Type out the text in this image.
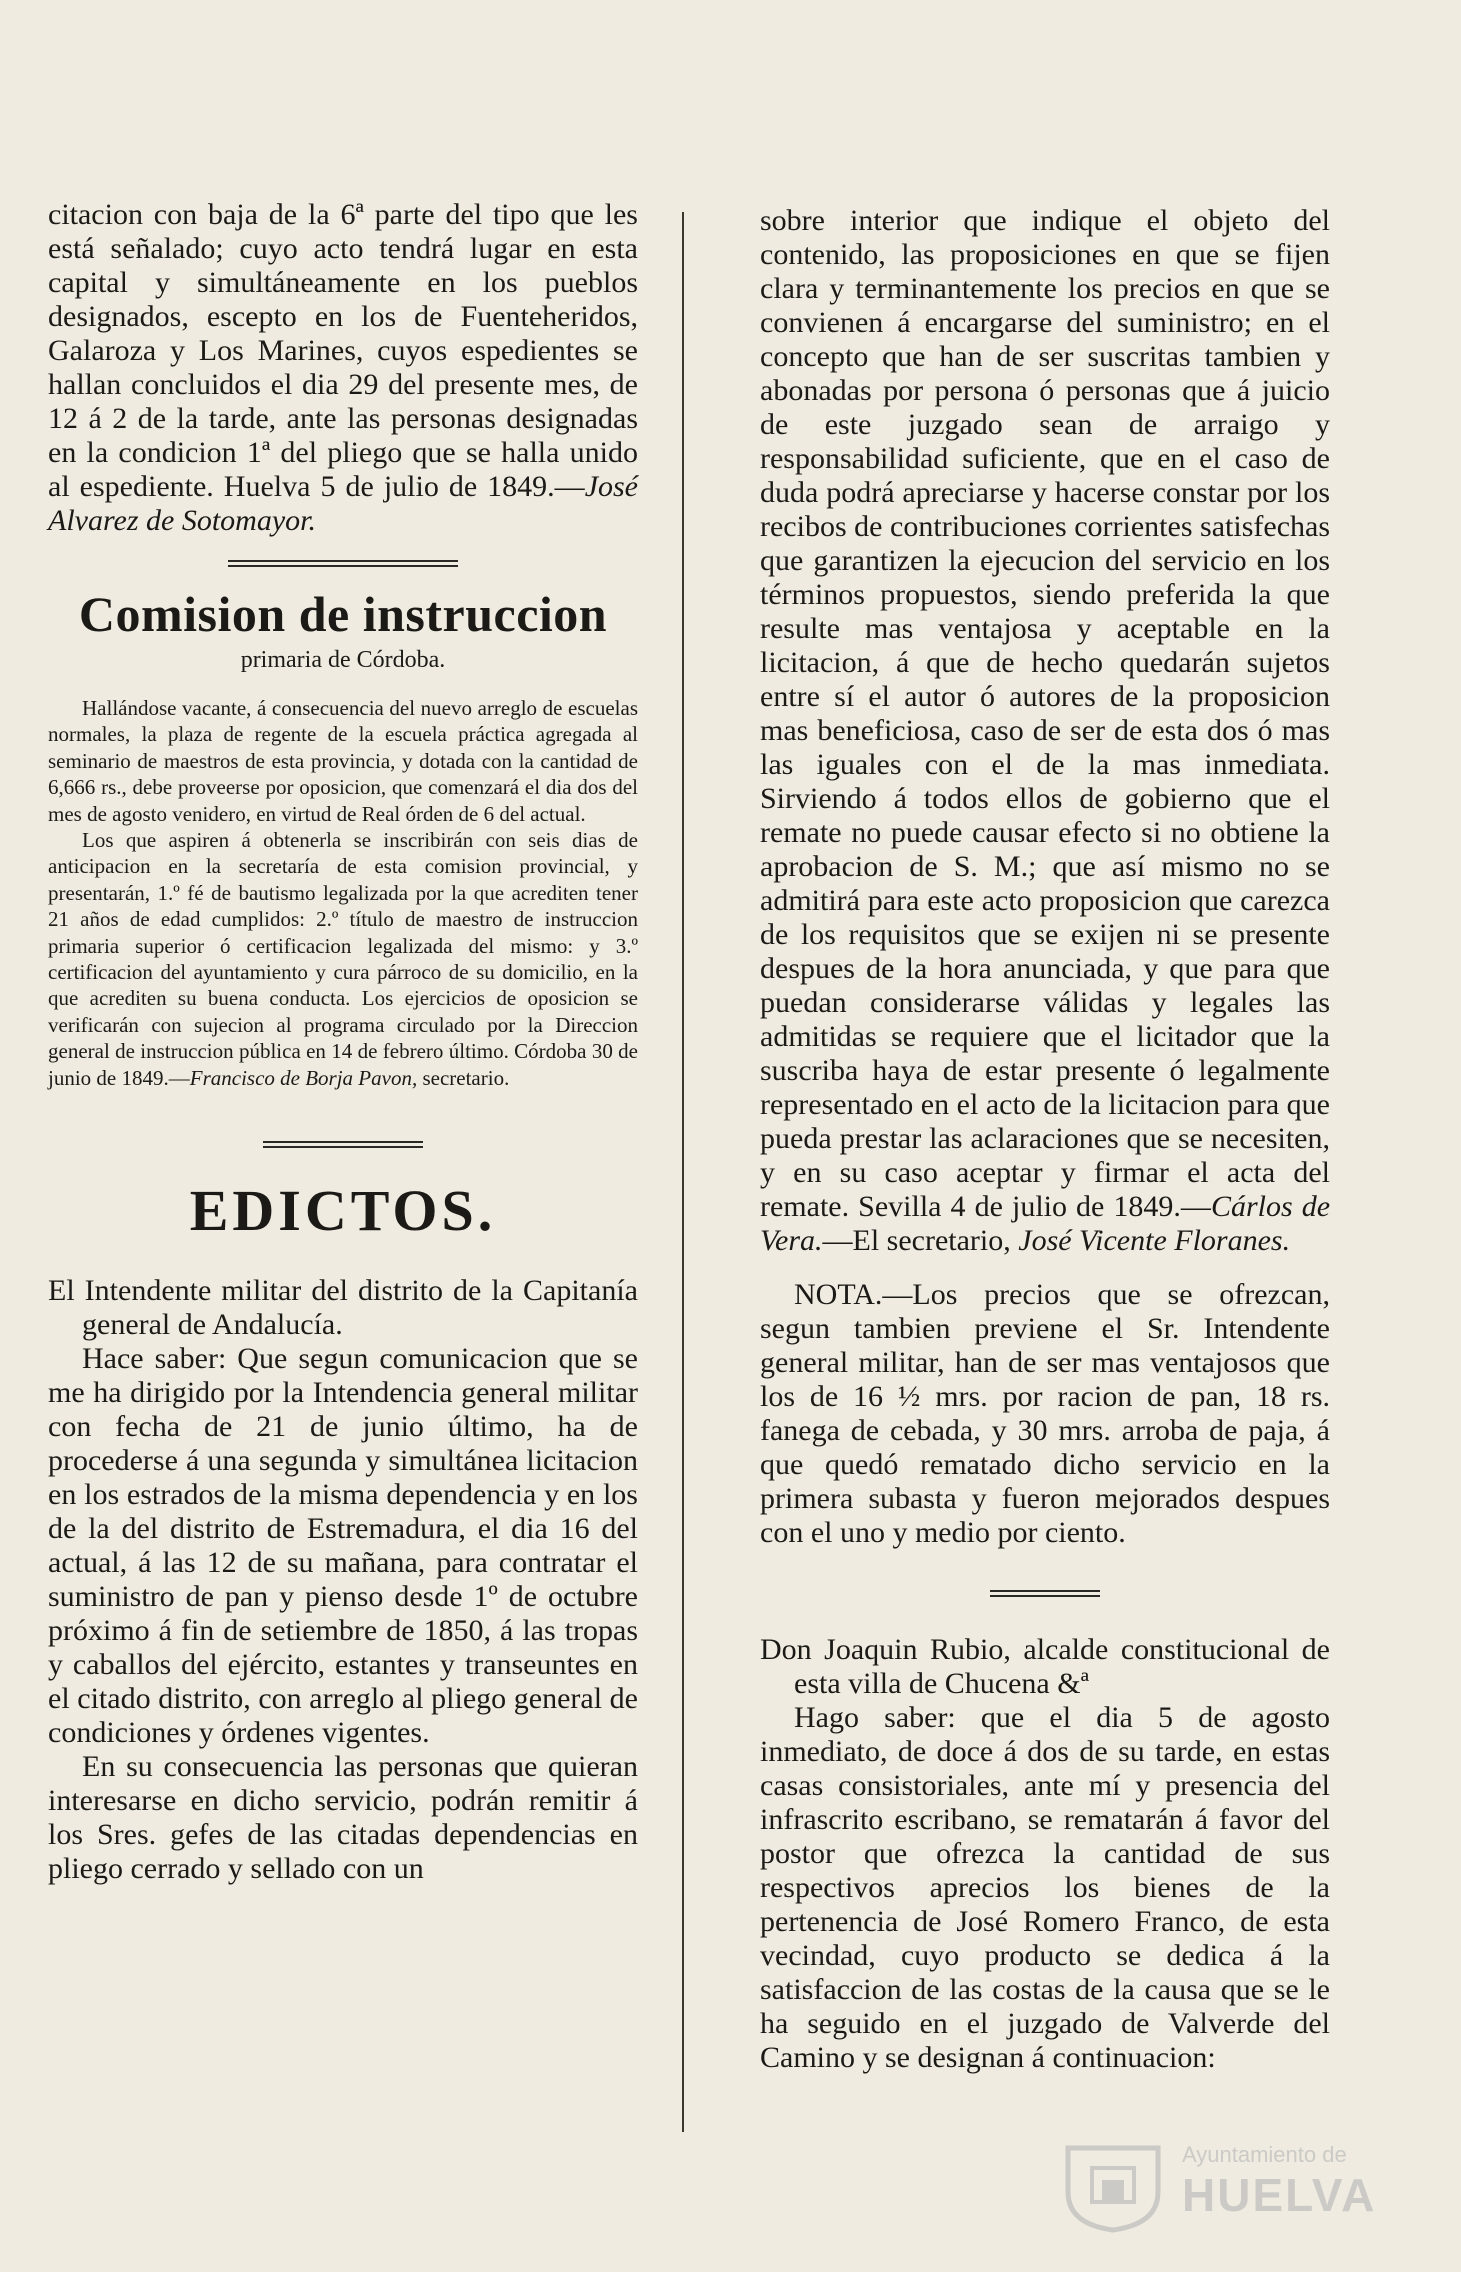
citacion con baja de la 6ª parte del tipo que les está señalado; cuyo acto tendrá lugar en esta capital y simultáneamente en los pueblos designados, escepto en los de Fuenteheridos, Galaroza y Los Marines, cuyos espedientes se hallan concluidos el dia 29 del presente mes, de 12 á 2 de la tarde, ante las personas designadas en la condicion 1ª del pliego que se halla unido al espediente. Huelva 5 de julio de 1849.—José Alvarez de Sotomayor.

Comision de instruccion

primaria de Córdoba.

Hallándose vacante, á consecuencia del nuevo arreglo de escuelas normales, la plaza de regente de la escuela práctica agregada al seminario de maestros de esta provincia, y dotada con la cantidad de 6,666 rs., debe proveerse por oposicion, que comenzará el dia dos del mes de agosto venidero, en virtud de Real órden de 6 del actual.

Los que aspiren á obtenerla se inscribirán con seis dias de anticipacion en la secretaría de esta comision provincial, y presentarán, 1.º fé de bautismo legalizada por la que acrediten tener 21 años de edad cumplidos: 2.º título de maestro de instruccion primaria superior ó certificacion legalizada del mismo: y 3.º certificacion del ayuntamiento y cura párroco de su domicilio, en la que acrediten su buena conducta. Los ejercicios de oposicion se verificarán con sujecion al programa circulado por la Direccion general de instruccion pública en 14 de febrero último. Córdoba 30 de junio de 1849.—Francisco de Borja Pavon, secretario.

EDICTOS.

El Intendente militar del distrito de la Capitanía general de Andalucía.

Hace saber: Que segun comunicacion que se me ha dirigido por la Intendencia general militar con fecha de 21 de junio último, ha de procederse á una segunda y simultánea licitacion en los estrados de la misma dependencia y en los de la del distrito de Estremadura, el dia 16 del actual, á las 12 de su mañana, para contratar el suministro de pan y pienso desde 1º de octubre próximo á fin de setiembre de 1850, á las tropas y caballos del ejército, estantes y transeuntes en el citado distrito, con arreglo al pliego general de condiciones y órdenes vigentes.

En su consecuencia las personas que quieran interesarse en dicho servicio, podrán remitir á los Sres. gefes de las citadas dependencias en pliego cerrado y sellado con un

sobre interior que indique el objeto del contenido, las proposiciones en que se fijen clara y terminantemente los precios en que se convienen á encargarse del suministro; en el concepto que han de ser suscritas tambien y abonadas por persona ó personas que á juicio de este juzgado sean de arraigo y responsabilidad suficiente, que en el caso de duda podrá apreciarse y hacerse constar por los recibos de contribuciones corrientes satisfechas que garantizen la ejecucion del servicio en los términos propuestos, siendo preferida la que resulte mas ventajosa y aceptable en la licitacion, á que de hecho quedarán sujetos entre sí el autor ó autores de la proposicion mas beneficiosa, caso de ser de esta dos ó mas las iguales con el de la mas inmediata. Sirviendo á todos ellos de gobierno que el remate no puede causar efecto si no obtiene la aprobacion de S. M.; que así mismo no se admitirá para este acto proposicion que carezca de los requisitos que se exijen ni se presente despues de la hora anunciada, y que para que puedan considerarse válidas y legales las admitidas se requiere que el licitador que la suscriba haya de estar presente ó legalmente representado en el acto de la licitacion para que pueda prestar las aclaraciones que se necesiten, y en su caso aceptar y firmar el acta del remate. Sevilla 4 de julio de 1849.—Cárlos de Vera.—El secretario, José Vicente Floranes.

NOTA.—Los precios que se ofrezcan, segun tambien previene el Sr. Intendente general militar, han de ser mas ventajosos que los de 16 ½ mrs. por racion de pan, 18 rs. fanega de cebada, y 30 mrs. arroba de paja, á que quedó rematado dicho servicio en la primera subasta y fueron mejorados despues con el uno y medio por ciento.

Don Joaquin Rubio, alcalde constitucional de esta villa de Chucena &ª

Hago saber: que el dia 5 de agosto inmediato, de doce á dos de su tarde, en estas casas consistoriales, ante mí y presencia del infrascrito escribano, se rematarán á favor del postor que ofrezca la cantidad de sus respectivos aprecios los bienes de la pertenencia de José Romero Franco, de esta vecindad, cuyo producto se dedica á la satisfaccion de las costas de la causa que se le ha seguido en el juzgado de Valverde del Camino y se designan á continuacion:

Ayuntamiento de
HUELVA
